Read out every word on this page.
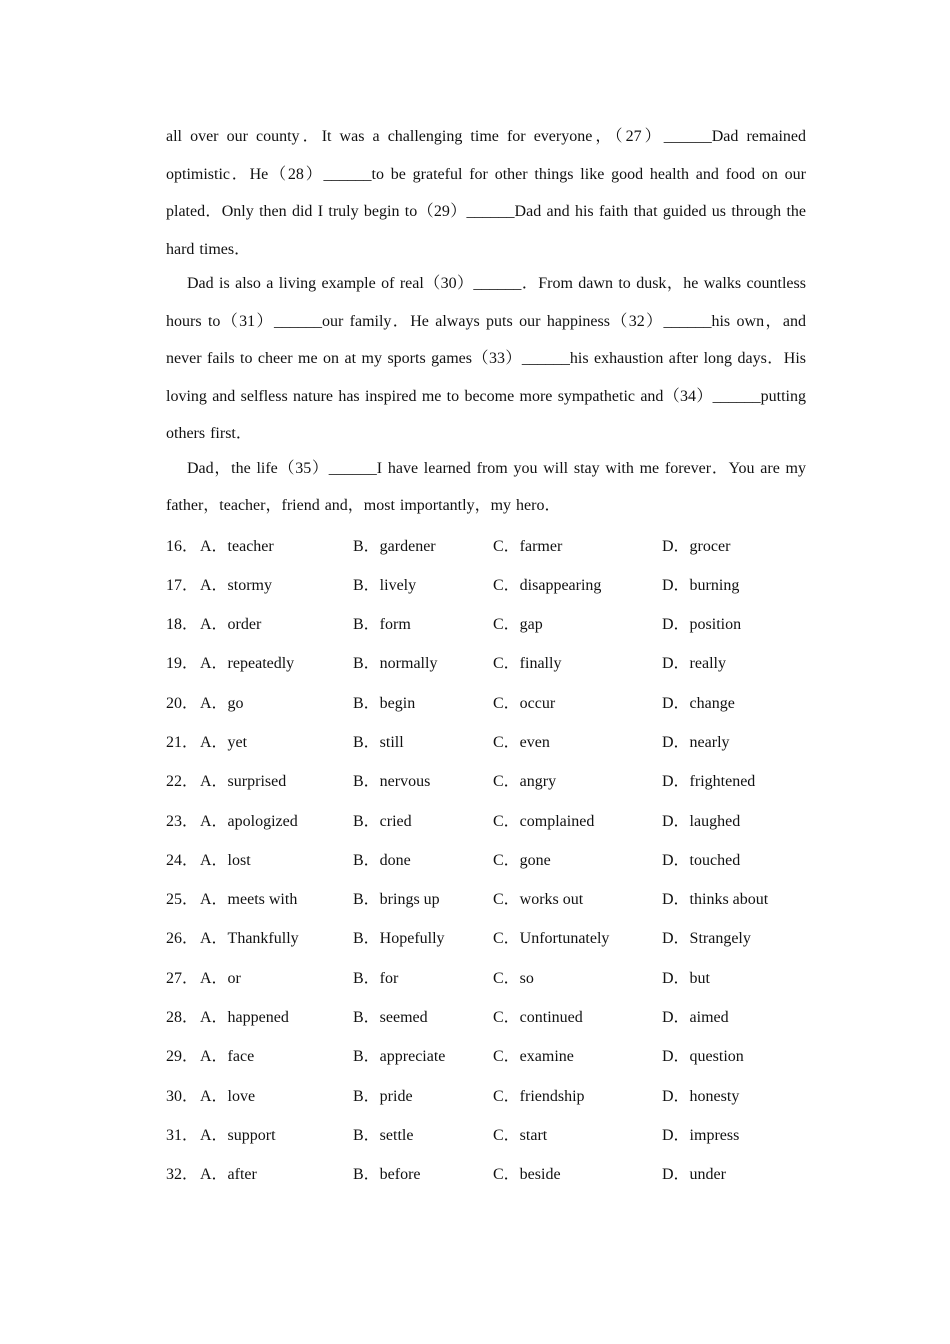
all over our county．It was a challenging time for everyone，（27）______Dad remained optimistic．He（28）______to be grateful for other things like good health and food on our plated．Only then did I truly begin to（29）______Dad and his faith that guided us through the hard times．

Dad is also a living example of real（30）______．From dawn to dusk，he walks countless hours to（31）______our family．He always puts our happiness（32）______his own，and never fails to cheer me on at my sports games（33）______his exhaustion after long days．His loving and selfless nature has inspired me to become more sympathetic and（34）______putting others first．

Dad，the life（35）______I have learned from you will stay with me forever．You are my father，teacher，friend and，most importantly，my hero．

16． A．teacher	B．gardener	C．farmer	D．grocer
17． A．stormy	B．lively	C．disappearing	D．burning
18． A．order	B．form	C．gap	D．position
19． A．repeatedly	B．normally	C．finally	D．really
20． A．go	B．begin	C．occur	D．change
21． A．yet	B．still	C．even	D．nearly
22． A．surprised	B．nervous	C．angry	D．frightened
23． A．apologized	B．cried	C．complained	D．laughed
24． A．lost	B．done	C．gone	D．touched
25． A．meets with	B．brings up	C．works out	D．thinks about
26． A．Thankfully	B．Hopefully	C．Unfortunately	D．Strangely
27． A．or	B．for	C．so	D．but
28． A．happened	B．seemed	C．continued	D．aimed
29． A．face	B．appreciate	C．examine	D．question
30． A．love	B．pride	C．friendship	D．honesty
31． A．support	B．settle	C．start	D．impress
32． A．after	B．before	C．beside	D．under
